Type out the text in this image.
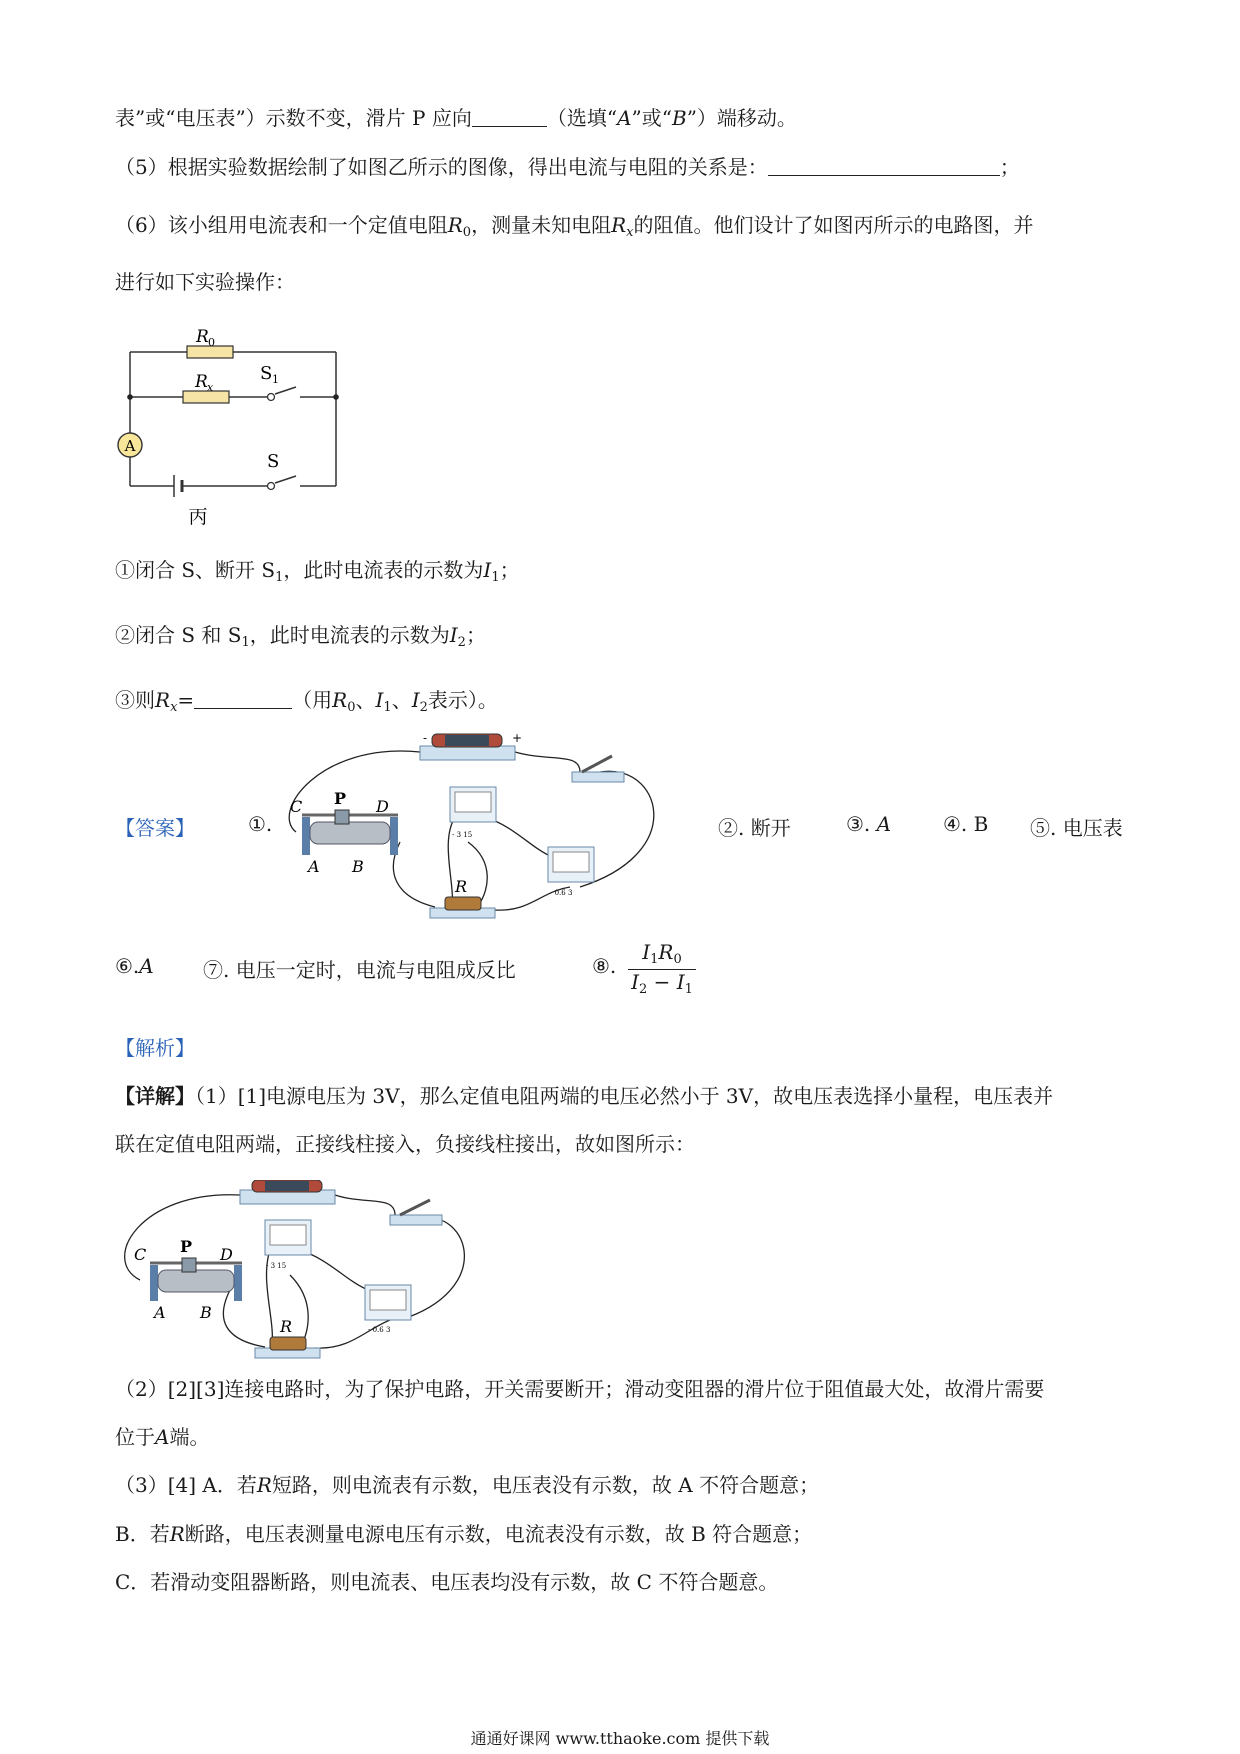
表”或“电压表”）示数不变，滑片 P 应向	（选填“A”或“B”）端移动。
（5）根据实验数据绘制了如图乙所示的图像，得出电流与电阻的关系是：	；
（6）该小组用电流表和一个定值电阻$R_0$，测量未知电阻$R_x$的阻值。他们设计了如图丙所示的电路图，并
进行如下实验操作：
A
R 0
R x
S 1
S
丙
①闭合 S、断开 $S_1$，此时电流表的示数为$I_1$；
②闭合 S 和 $S_1$，此时电流表的示数为$I_2$；
③则$R_x=$	（用$R_0$、$I_1$、$I_2$表示）。
【答案】	①.	②. 断开	③. A	④. B ⑤. 电压表
-	+
C P D
A B
- 3 15
- 0.6 3
R
⑥.A ⑦. 电压一定时，电流与电阻成反比	⑧. $\frac{I_1R_0}{I_2 - I_1}$
【解析】
【详解】（1）[1]电源电压为 3V，那么定值电阻两端的电压必然小于 3V，故电压表选择小量程，电压表并
联在定值电阻两端，正接线柱接入，负接线柱接出，故如图所示：
C P D
A B
- 3 15
- 0.6 3
R
（2）[2][3]连接电路时，为了保护电路，开关需要断开；滑动变阻器的滑片位于阻值最大处，故滑片需要
位于A端。
（3）[4] A．若R短路，则电流表有示数，电压表没有示数，故 A 不符合题意；
B．若R断路，电压表测量电源电压有示数，电流表没有示数，故 B 符合题意；
C．若滑动变阻器断路，则电流表、电压表均没有示数，故 C 不符合题意。
通通好课网 www.tthaoke.com 提供下载
